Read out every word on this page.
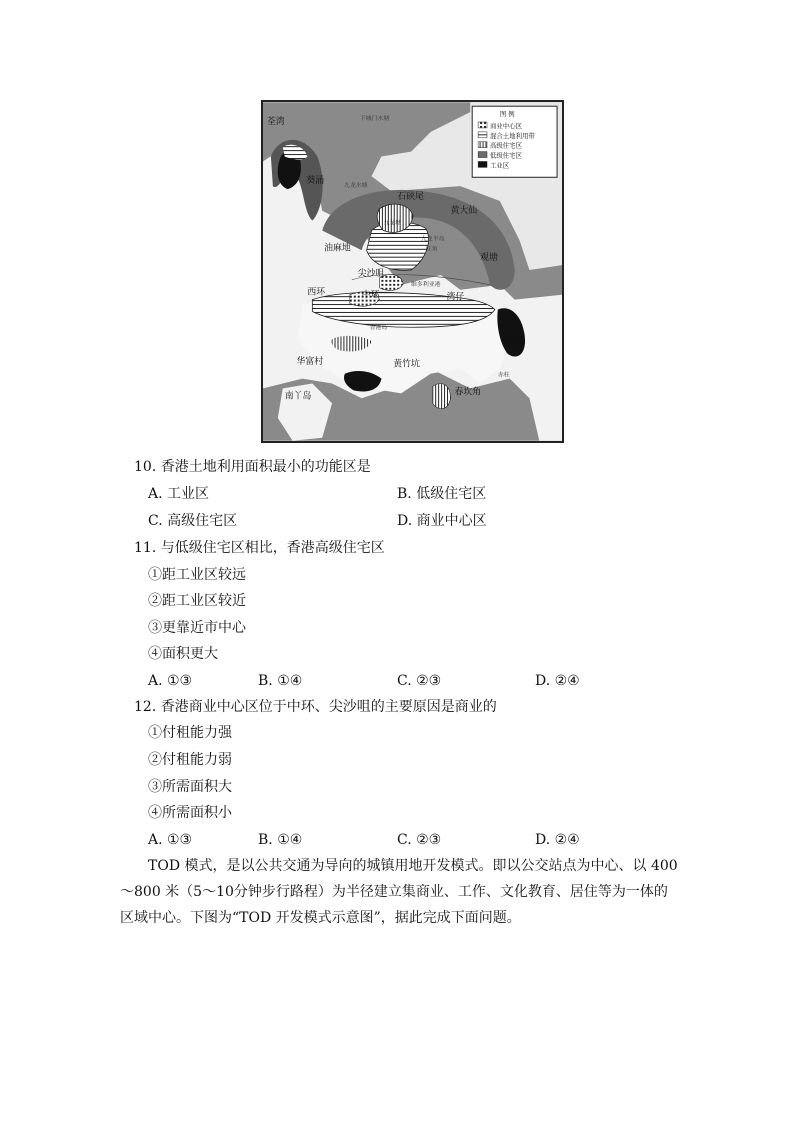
图 例
商业中心区
混合土地利用带
高级住宅区
低级住宅区
工业区
荃湾
葵涌
石硖尾
黄大仙
油麻地
九龙塘
旺角
尖沙咀
观塘
西环	中环	湾仔
柴湾
华富村	黄竹坑
春坎角
南丫岛
下城门水塘
九龙水塘
九龙半岛
维多利亚港
香港岛
赤柱
10. 香港土地利用面积最小的功能区是
A. 工业区	B. 低级住宅区
C. 高级住宅区	D. 商业中心区
11. 与低级住宅区相比，香港高级住宅区
①距工业区较远
②距工业区较近
③更靠近市中心
④面积更大
A. ①③	B. ①④	C. ②③	D. ②④
12. 香港商业中心区位于中环、尖沙咀的主要原因是商业的
①付租能力强
②付租能力弱
③所需面积大
④所需面积小
A. ①③	B. ①④	C. ②③	D. ②④
TOD 模式，是以公共交通为导向的城镇用地开发模式。即以公交站点为中心、以 400～800 米（5～10分钟步行路程）为半径建立集商业、工作、文化教育、居住等为一体的区域中心。下图为“TOD 开发模式示意图”，据此完成下面问题。
